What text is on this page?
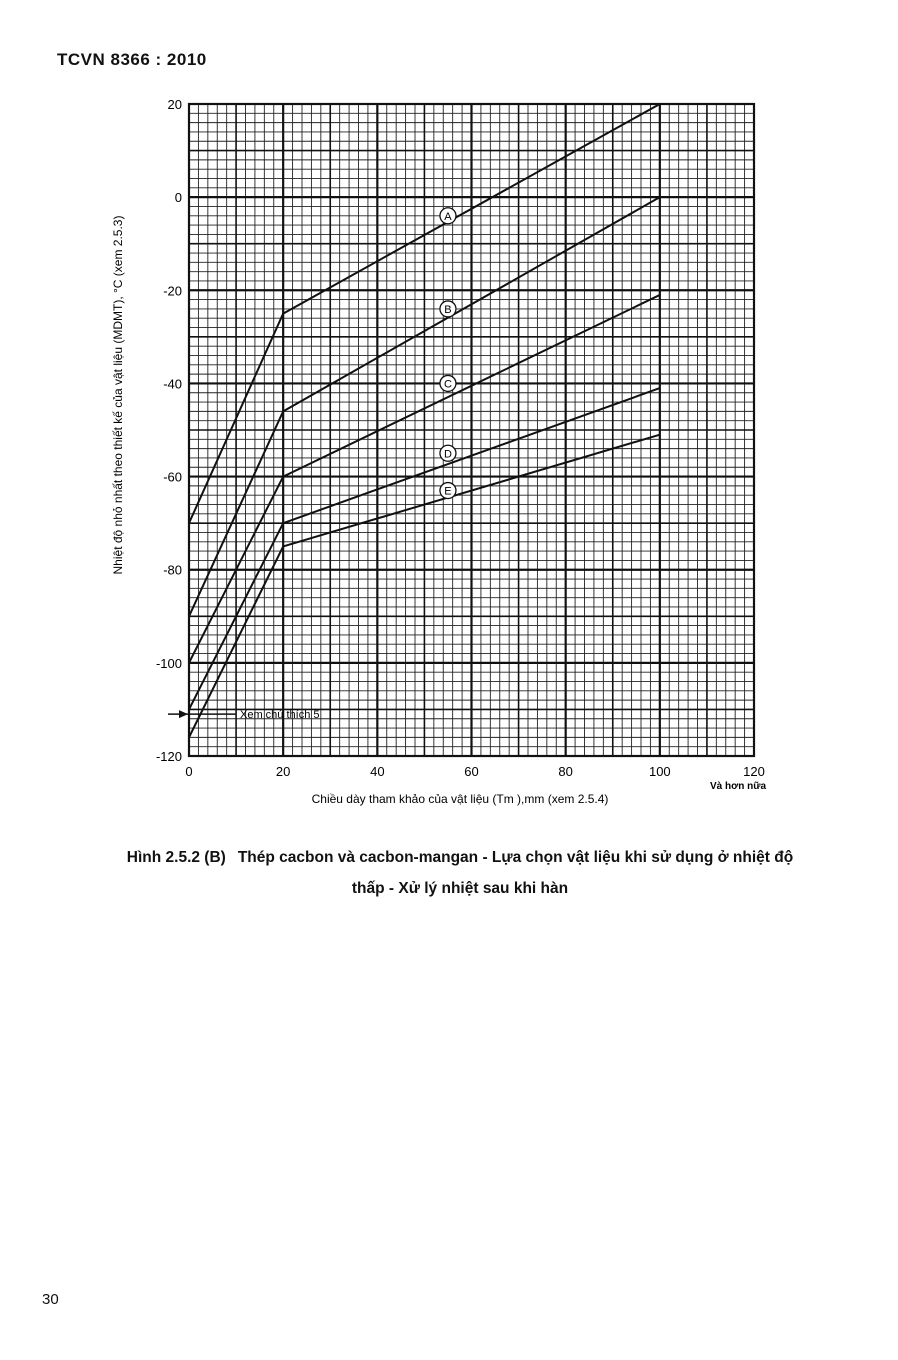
TCVN 8366 : 2010
A
B
C
D
E
0	20	40	60	80	100	120
20
0
-20
-40
-60
-80
-100
-120
Và hơn nữa
Chiều dày tham khảo của vật liệu (Tm ),mm (xem 2.5.4)
Nhiệt độ nhỏ nhất theo thiết kế của vật liệu (MDMT), °C (xem 2.5.3)
Xem chú thích 5
Hình 2.5.2 (B) Thép cacbon và cacbon-mangan - Lựa chọn vật liệu khi sử dụng ở nhiệt độ
thấp - Xử lý nhiệt sau khi hàn
30
